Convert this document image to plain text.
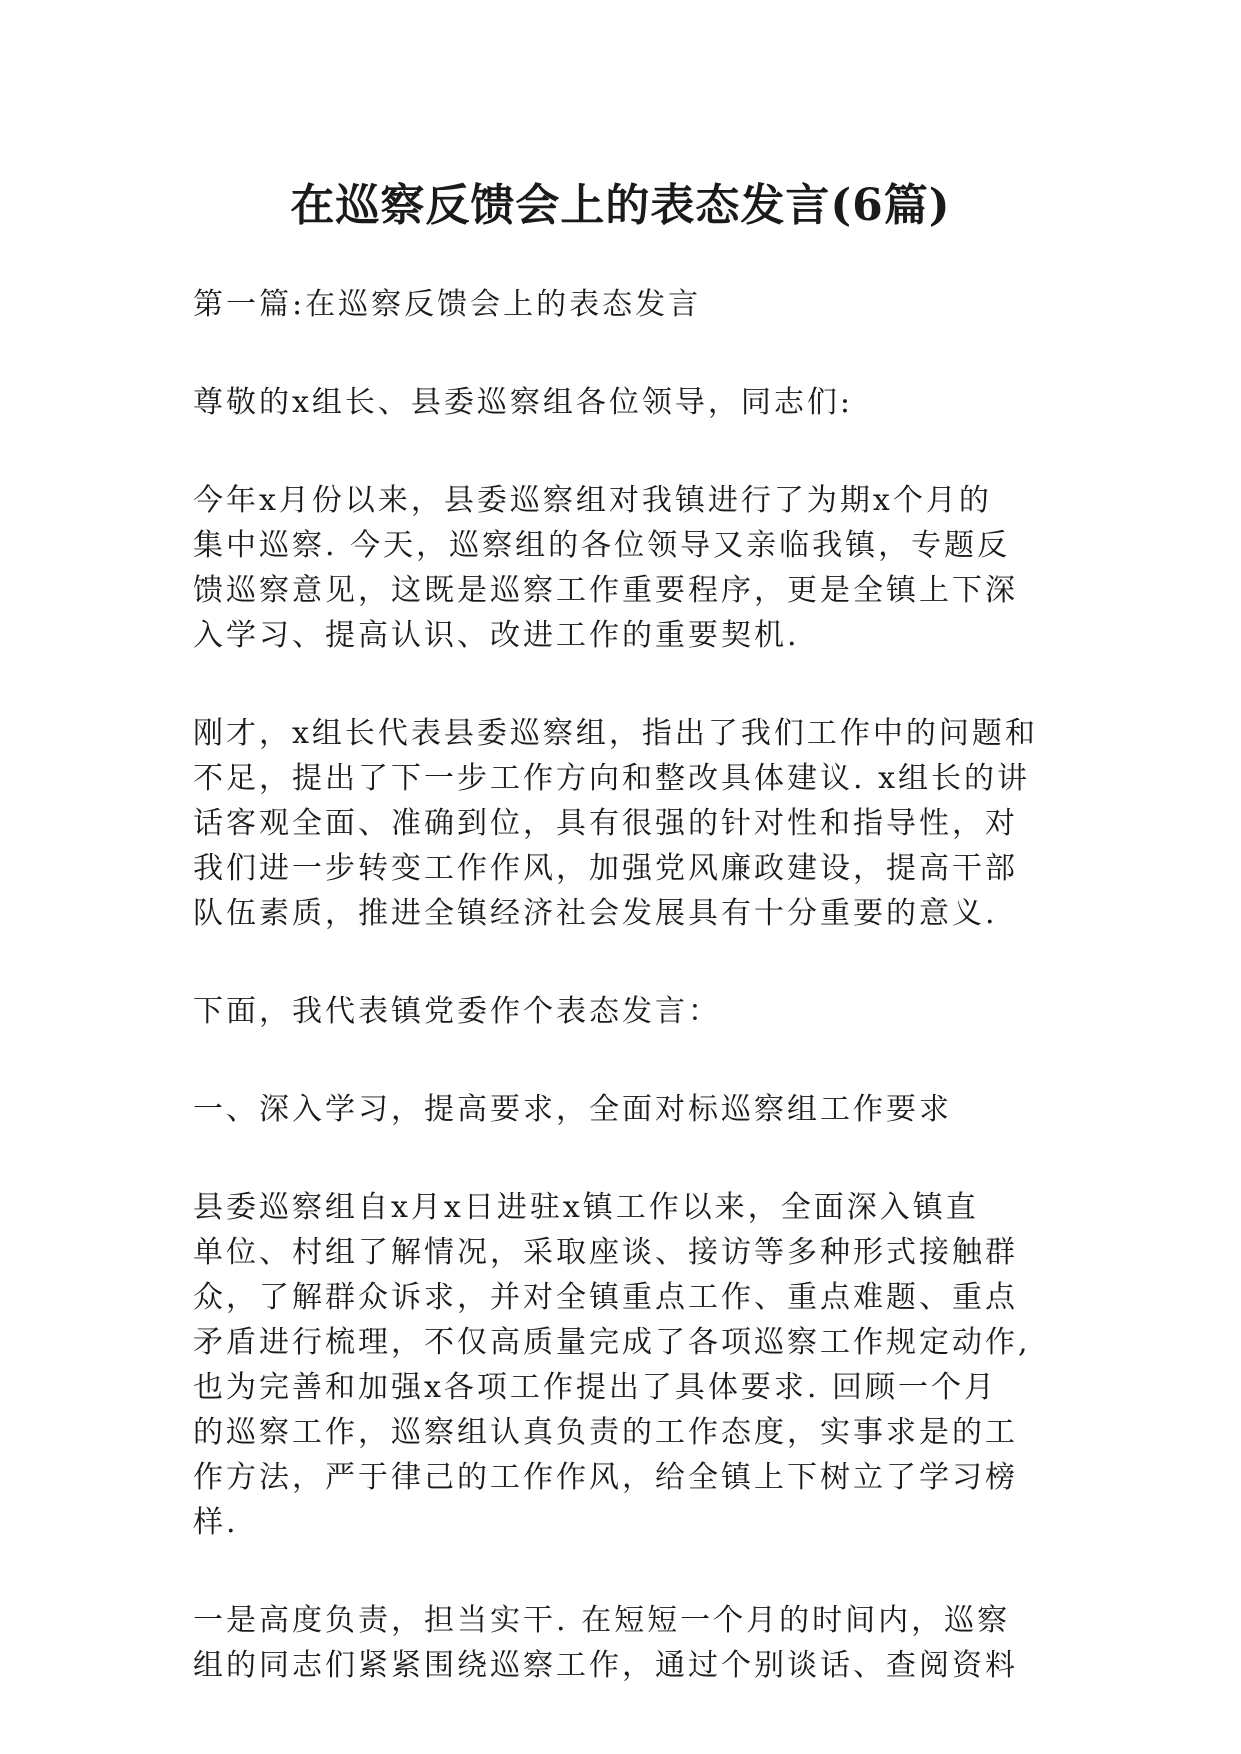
在巡察反馈会上的表态发言(6篇)

第一篇:在巡察反馈会上的表态发言

尊敬的x组长、县委巡察组各位领导，同志们:

今年x月份以来，县委巡察组对我镇进行了为期x个月的
集中巡察. 今天，巡察组的各位领导又亲临我镇，专题反
馈巡察意见，这既是巡察工作重要程序，更是全镇上下深
入学习、提高认识、改进工作的重要契机.

刚才，x组长代表县委巡察组，指出了我们工作中的问题和
不足，提出了下一步工作方向和整改具体建议. x组长的讲
话客观全面、准确到位，具有很强的针对性和指导性，对
我们进一步转变工作作风，加强党风廉政建设，提高干部
队伍素质，推进全镇经济社会发展具有十分重要的意义.

下面，我代表镇党委作个表态发言：

一、深入学习，提高要求，全面对标巡察组工作要求

县委巡察组自x月x日进驻x镇工作以来，全面深入镇直
单位、村组了解情况，采取座谈、接访等多种形式接触群
众，了解群众诉求，并对全镇重点工作、重点难题、重点
矛盾进行梳理，不仅高质量完成了各项巡察工作规定动作,
也为完善和加强x各项工作提出了具体要求. 回顾一个月
的巡察工作，巡察组认真负责的工作态度，实事求是的工
作方法，严于律己的工作作风，给全镇上下树立了学习榜
样.

一是高度负责，担当实干. 在短短一个月的时间内，巡察
组的同志们紧紧围绕巡察工作，通过个别谈话、查阅资料
